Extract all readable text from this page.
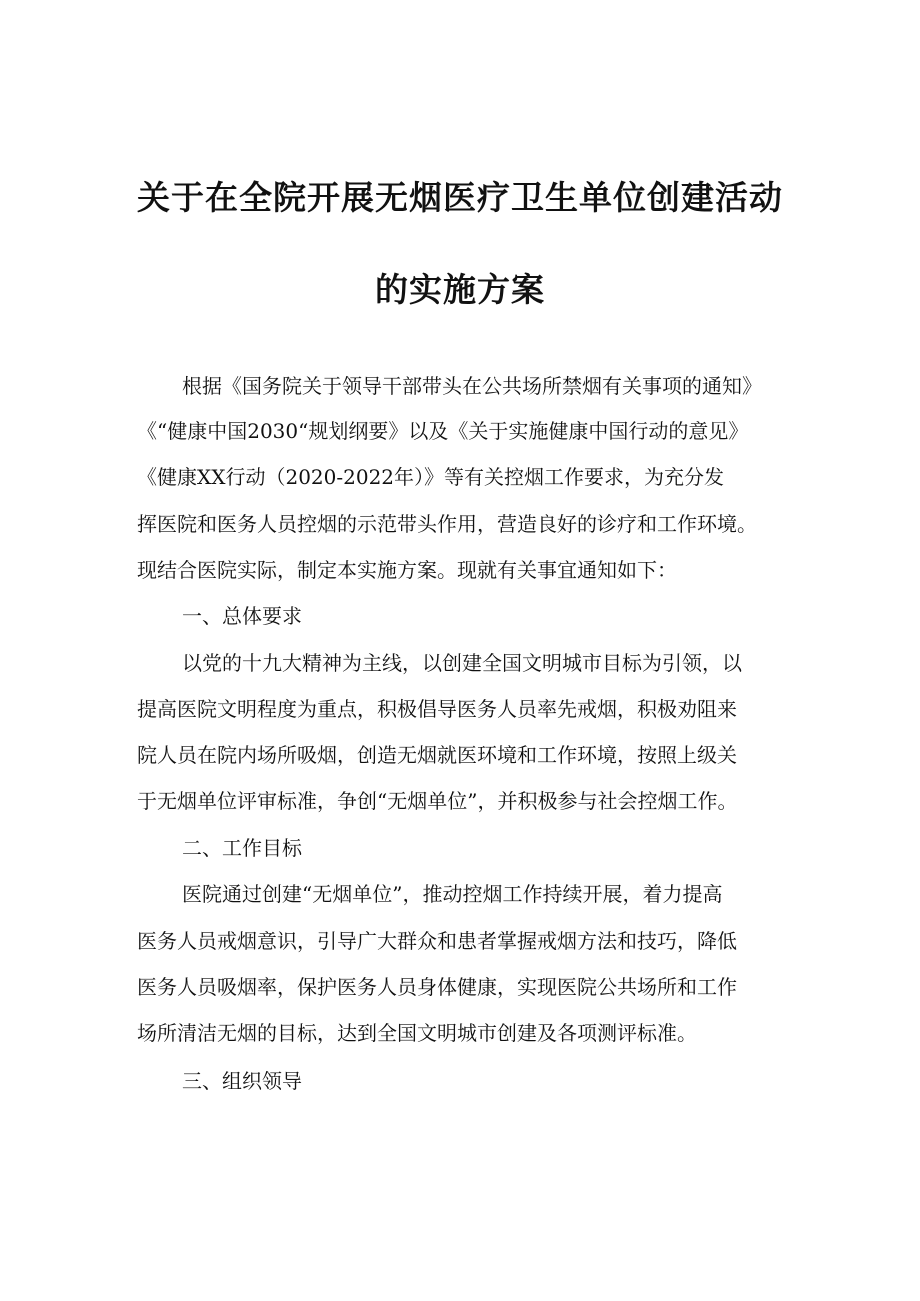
关于在全院开展无烟医疗卫生单位创建活动
的实施方案
根据《国务院关于领导干部带头在公共场所禁烟有关事项的通知》
《“健康中国2030“规划纲要》以及《关于实施健康中国行动的意见》
《健康XX行动（2020-2022年）》等有关控烟工作要求，为充分发
挥医院和医务人员控烟的示范带头作用，营造良好的诊疗和工作环境。
现结合医院实际，制定本实施方案。现就有关事宜通知如下：
一、总体要求
以党的十九大精神为主线，以创建全国文明城市目标为引领，以
提高医院文明程度为重点，积极倡导医务人员率先戒烟，积极劝阻来
院人员在院内场所吸烟，创造无烟就医环境和工作环境，按照上级关
于无烟单位评审标准，争创“无烟单位”，并积极参与社会控烟工作。
二、工作目标
医院通过创建“无烟单位”，推动控烟工作持续开展，着力提高
医务人员戒烟意识，引导广大群众和患者掌握戒烟方法和技巧，降低
医务人员吸烟率，保护医务人员身体健康，实现医院公共场所和工作
场所清洁无烟的目标，达到全国文明城市创建及各项测评标准。
三、组织领导
